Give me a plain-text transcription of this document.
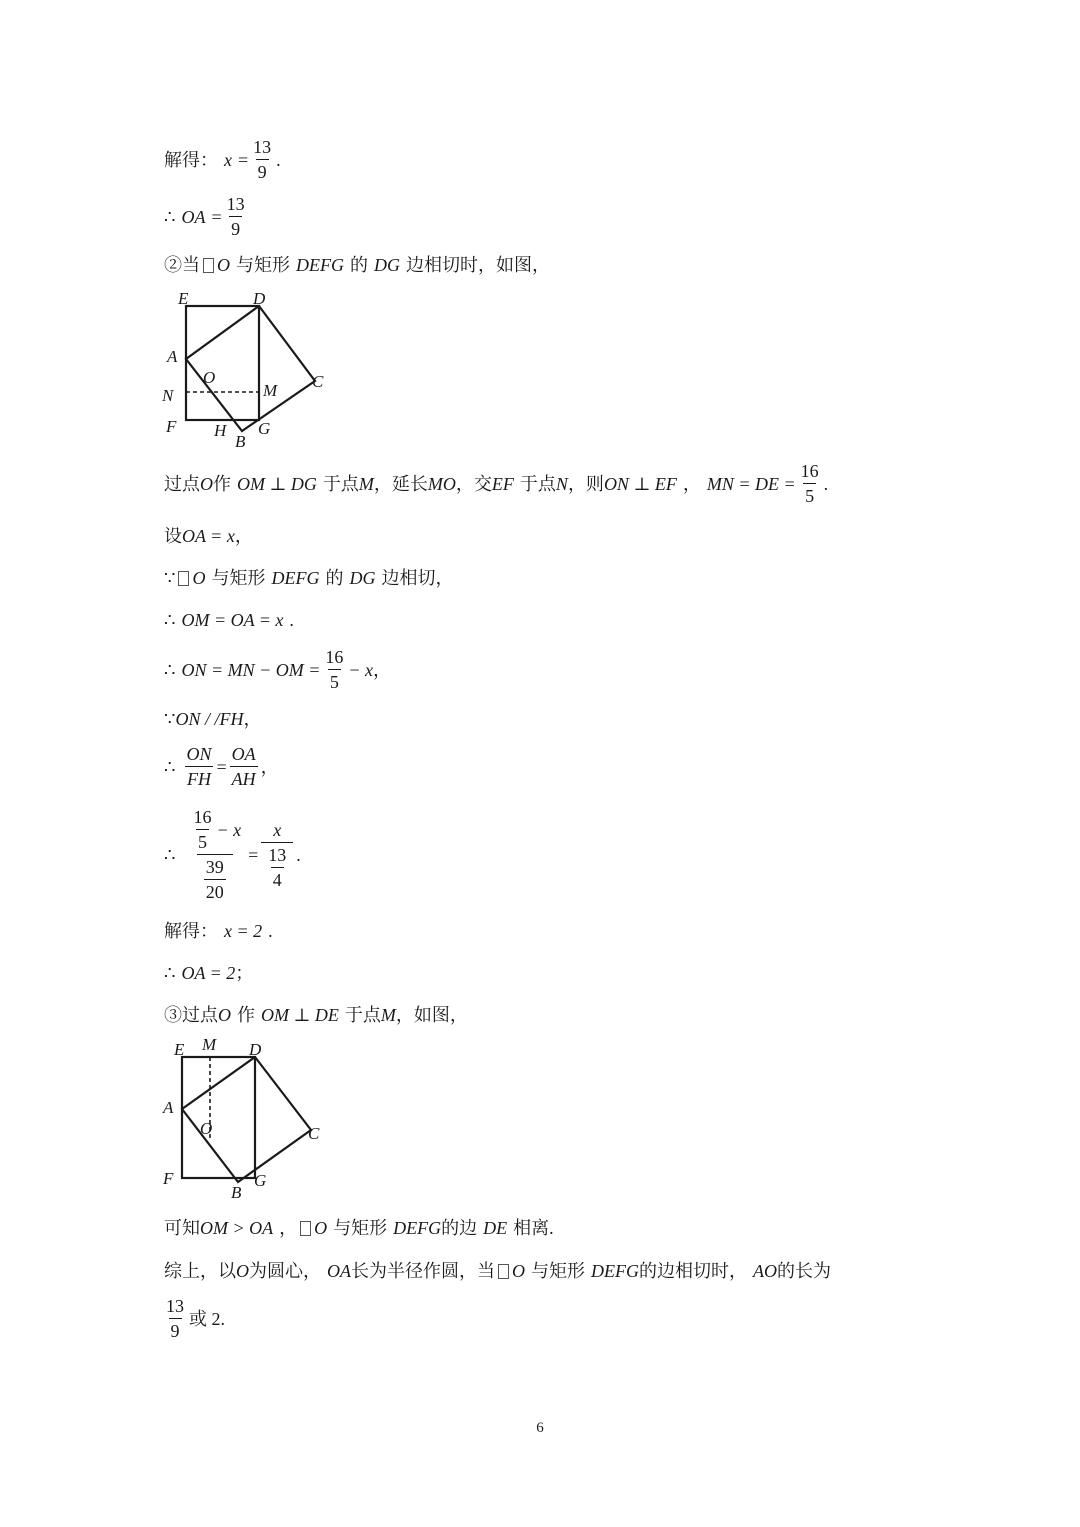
解得： $x = \frac{13}{9}$ .
∴ OA = $\frac{13}{9}$
②当 O 与矩形 DEFG 的 DG 边相切时，如图，
E	D
A
O
N	M C
F H G
B
过点 O 作 OM ⊥ DG 于点 M ，延长 MO ，交 EF 于点 N ，则 ON ⊥ EF ， MN = DE = $\frac{16}{5}$ .
设 OA = x ，
∵ O 与矩形 DEFG 的 DG 边相切，
∴ OM = OA = x .
∴ ON = MN − OM = $\frac{16}{5} - x$ ，
∵ ON / /FH ，
∴ $\frac{ON}{FH} = \frac{OA}{AH}$ ，
∴ $\frac{\frac{16}{5} - x}{\frac{39}{20}} = \frac{x}{\frac{13}{4}}$ .
解得： x = 2 .
∴ OA = 2 ；
③过点 O 作 OM ⊥ DE 于点 M ，如图，
E M D
A
O	C
F
B
G
可知 OM > OA ， O 与矩形 DEFG 的边 DE 相离.
综上，以 O 为圆心， OA 长为半径作圆，当 O 与矩形 DEFG 的边相切时， AO 的长为
$\frac{13}{9}$ 或 2.
6
